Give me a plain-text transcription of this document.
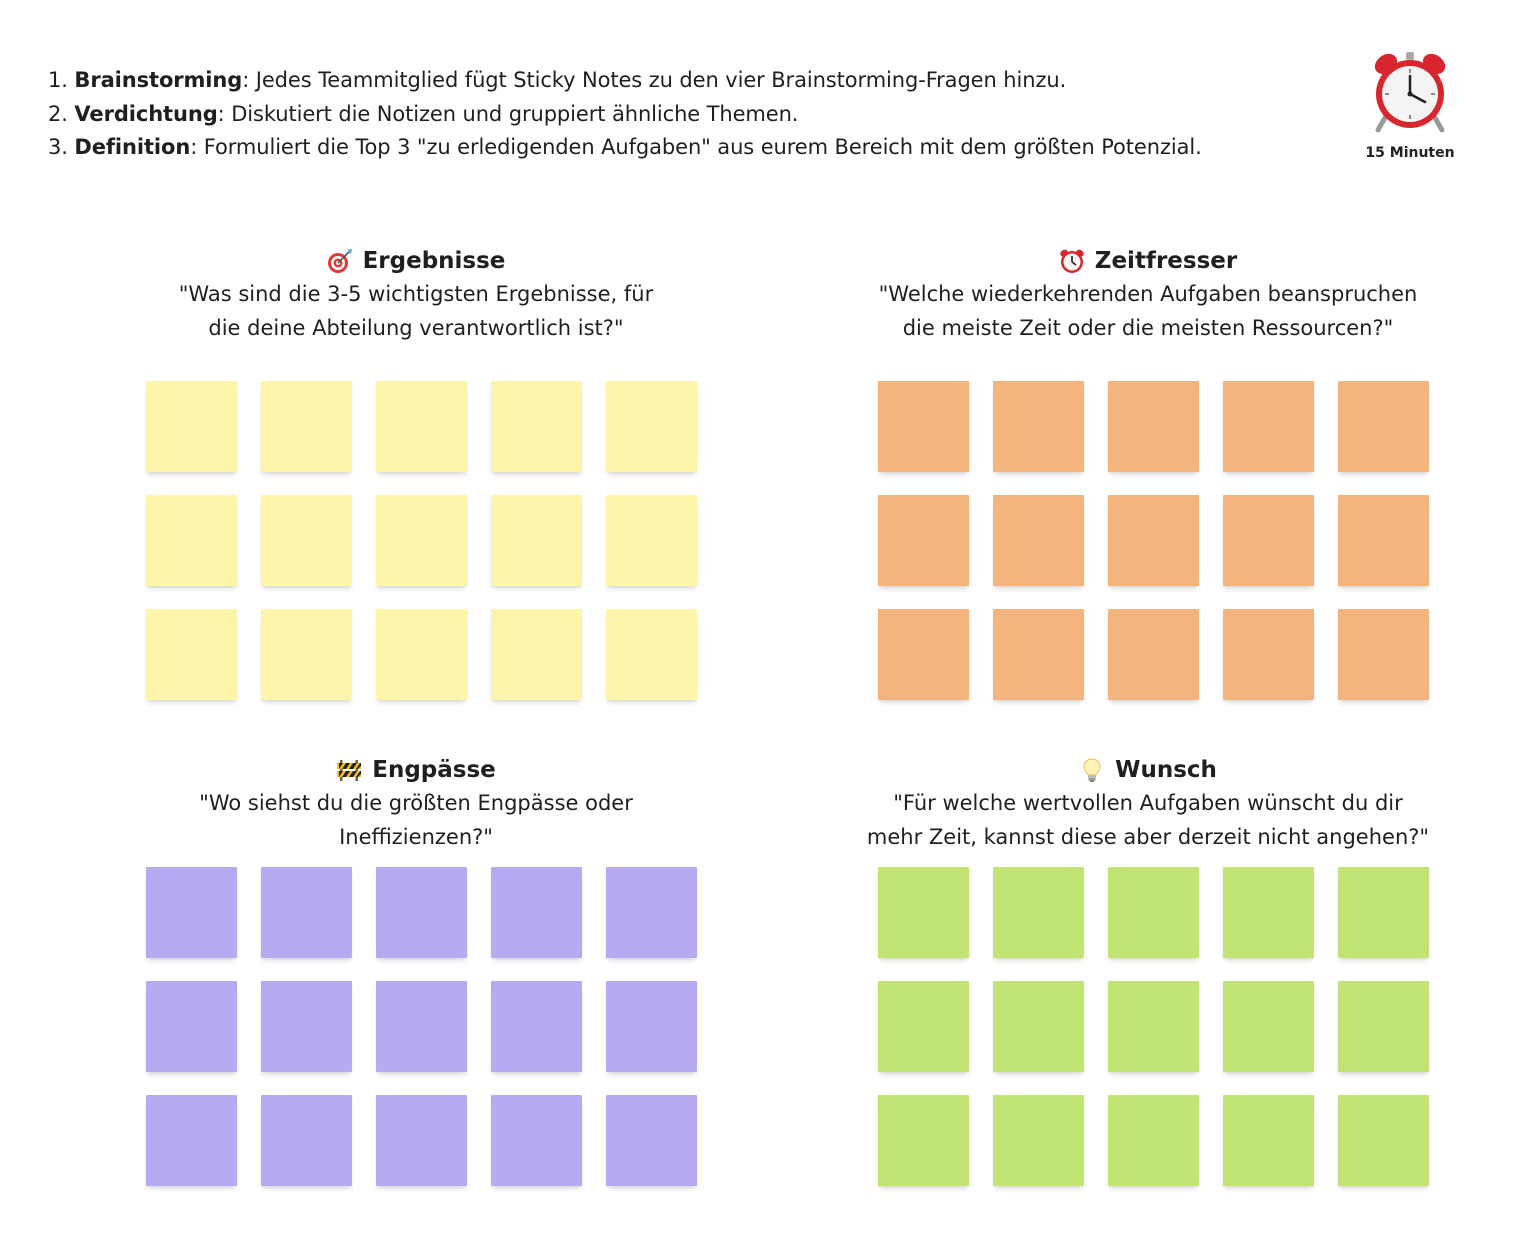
1. Brainstorming: Jedes Teammitglied fügt Sticky Notes zu den vier Brainstorming-Fragen hinzu.
2. Verdichtung: Diskutiert die Notizen und gruppiert ähnliche Themen.
3. Definition: Formuliert die Top 3 "zu erledigenden Aufgaben" aus eurem Bereich mit dem größten Potenzial.	15 Minuten
Ergebnisse
"Was sind die 3-5 wichtigsten Ergebnisse, für
die deine Abteilung verantwortlich ist?"
Zeitfresser
"Welche wiederkehrenden Aufgaben beanspruchen
die meiste Zeit oder die meisten Ressourcen?"
Engpässe
"Wo siehst du die größten Engpässe oder
Ineffizienzen?"
Wunsch
"Für welche wertvollen Aufgaben wünscht du dir
mehr Zeit, kannst diese aber derzeit nicht angehen?"
